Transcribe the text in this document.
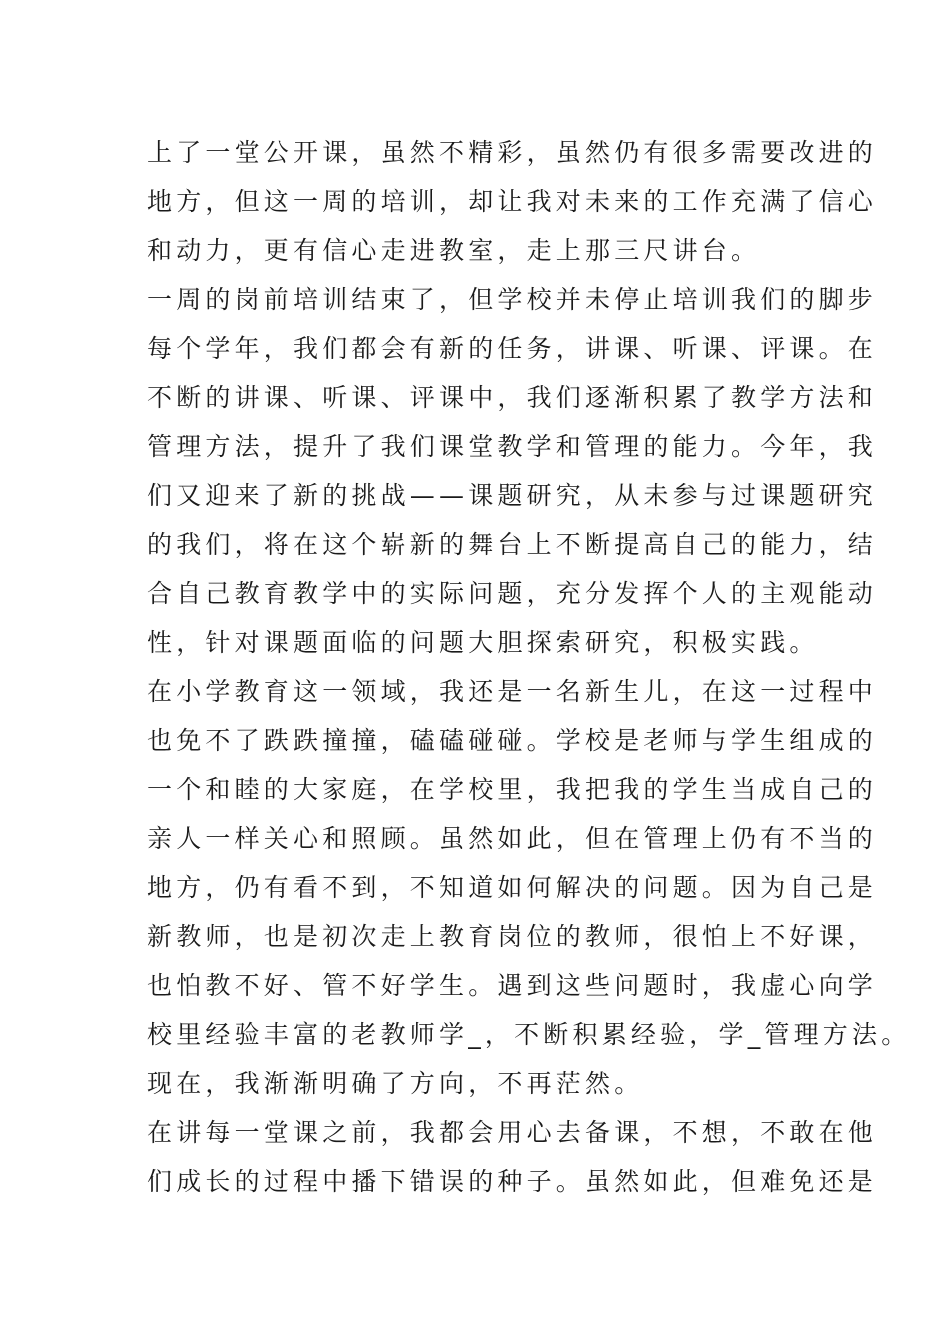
上了一堂公开课，虽然不精彩，虽然仍有很多需要改进的
地方，但这一周的培训，却让我对未来的工作充满了信心
和动力，更有信心走进教室，走上那三尺讲台。
一周的岗前培训结束了，但学校并未停止培训我们的脚步
每个学年，我们都会有新的任务，讲课、听课、评课。在
不断的讲课、听课、评课中，我们逐渐积累了教学方法和
管理方法，提升了我们课堂教学和管理的能力。今年，我
们又迎来了新的挑战——课题研究，从未参与过课题研究
的我们，将在这个崭新的舞台上不断提高自己的能力，结
合自己教育教学中的实际问题，充分发挥个人的主观能动
性，针对课题面临的问题大胆探索研究，积极实践。
在小学教育这一领域，我还是一名新生儿，在这一过程中
也免不了跌跌撞撞，磕磕碰碰。学校是老师与学生组成的
一个和睦的大家庭，在学校里，我把我的学生当成自己的
亲人一样关心和照顾。虽然如此，但在管理上仍有不当的
地方，仍有看不到，不知道如何解决的问题。因为自己是
新教师，也是初次走上教育岗位的教师，很怕上不好课，
也怕教不好、管不好学生。遇到这些问题时，我虚心向学
校里经验丰富的老教师学_，不断积累经验，学_管理方法。
现在，我渐渐明确了方向，不再茫然。
在讲每一堂课之前，我都会用心去备课，不想，不敢在他
们成长的过程中播下错误的种子。虽然如此，但难免还是
